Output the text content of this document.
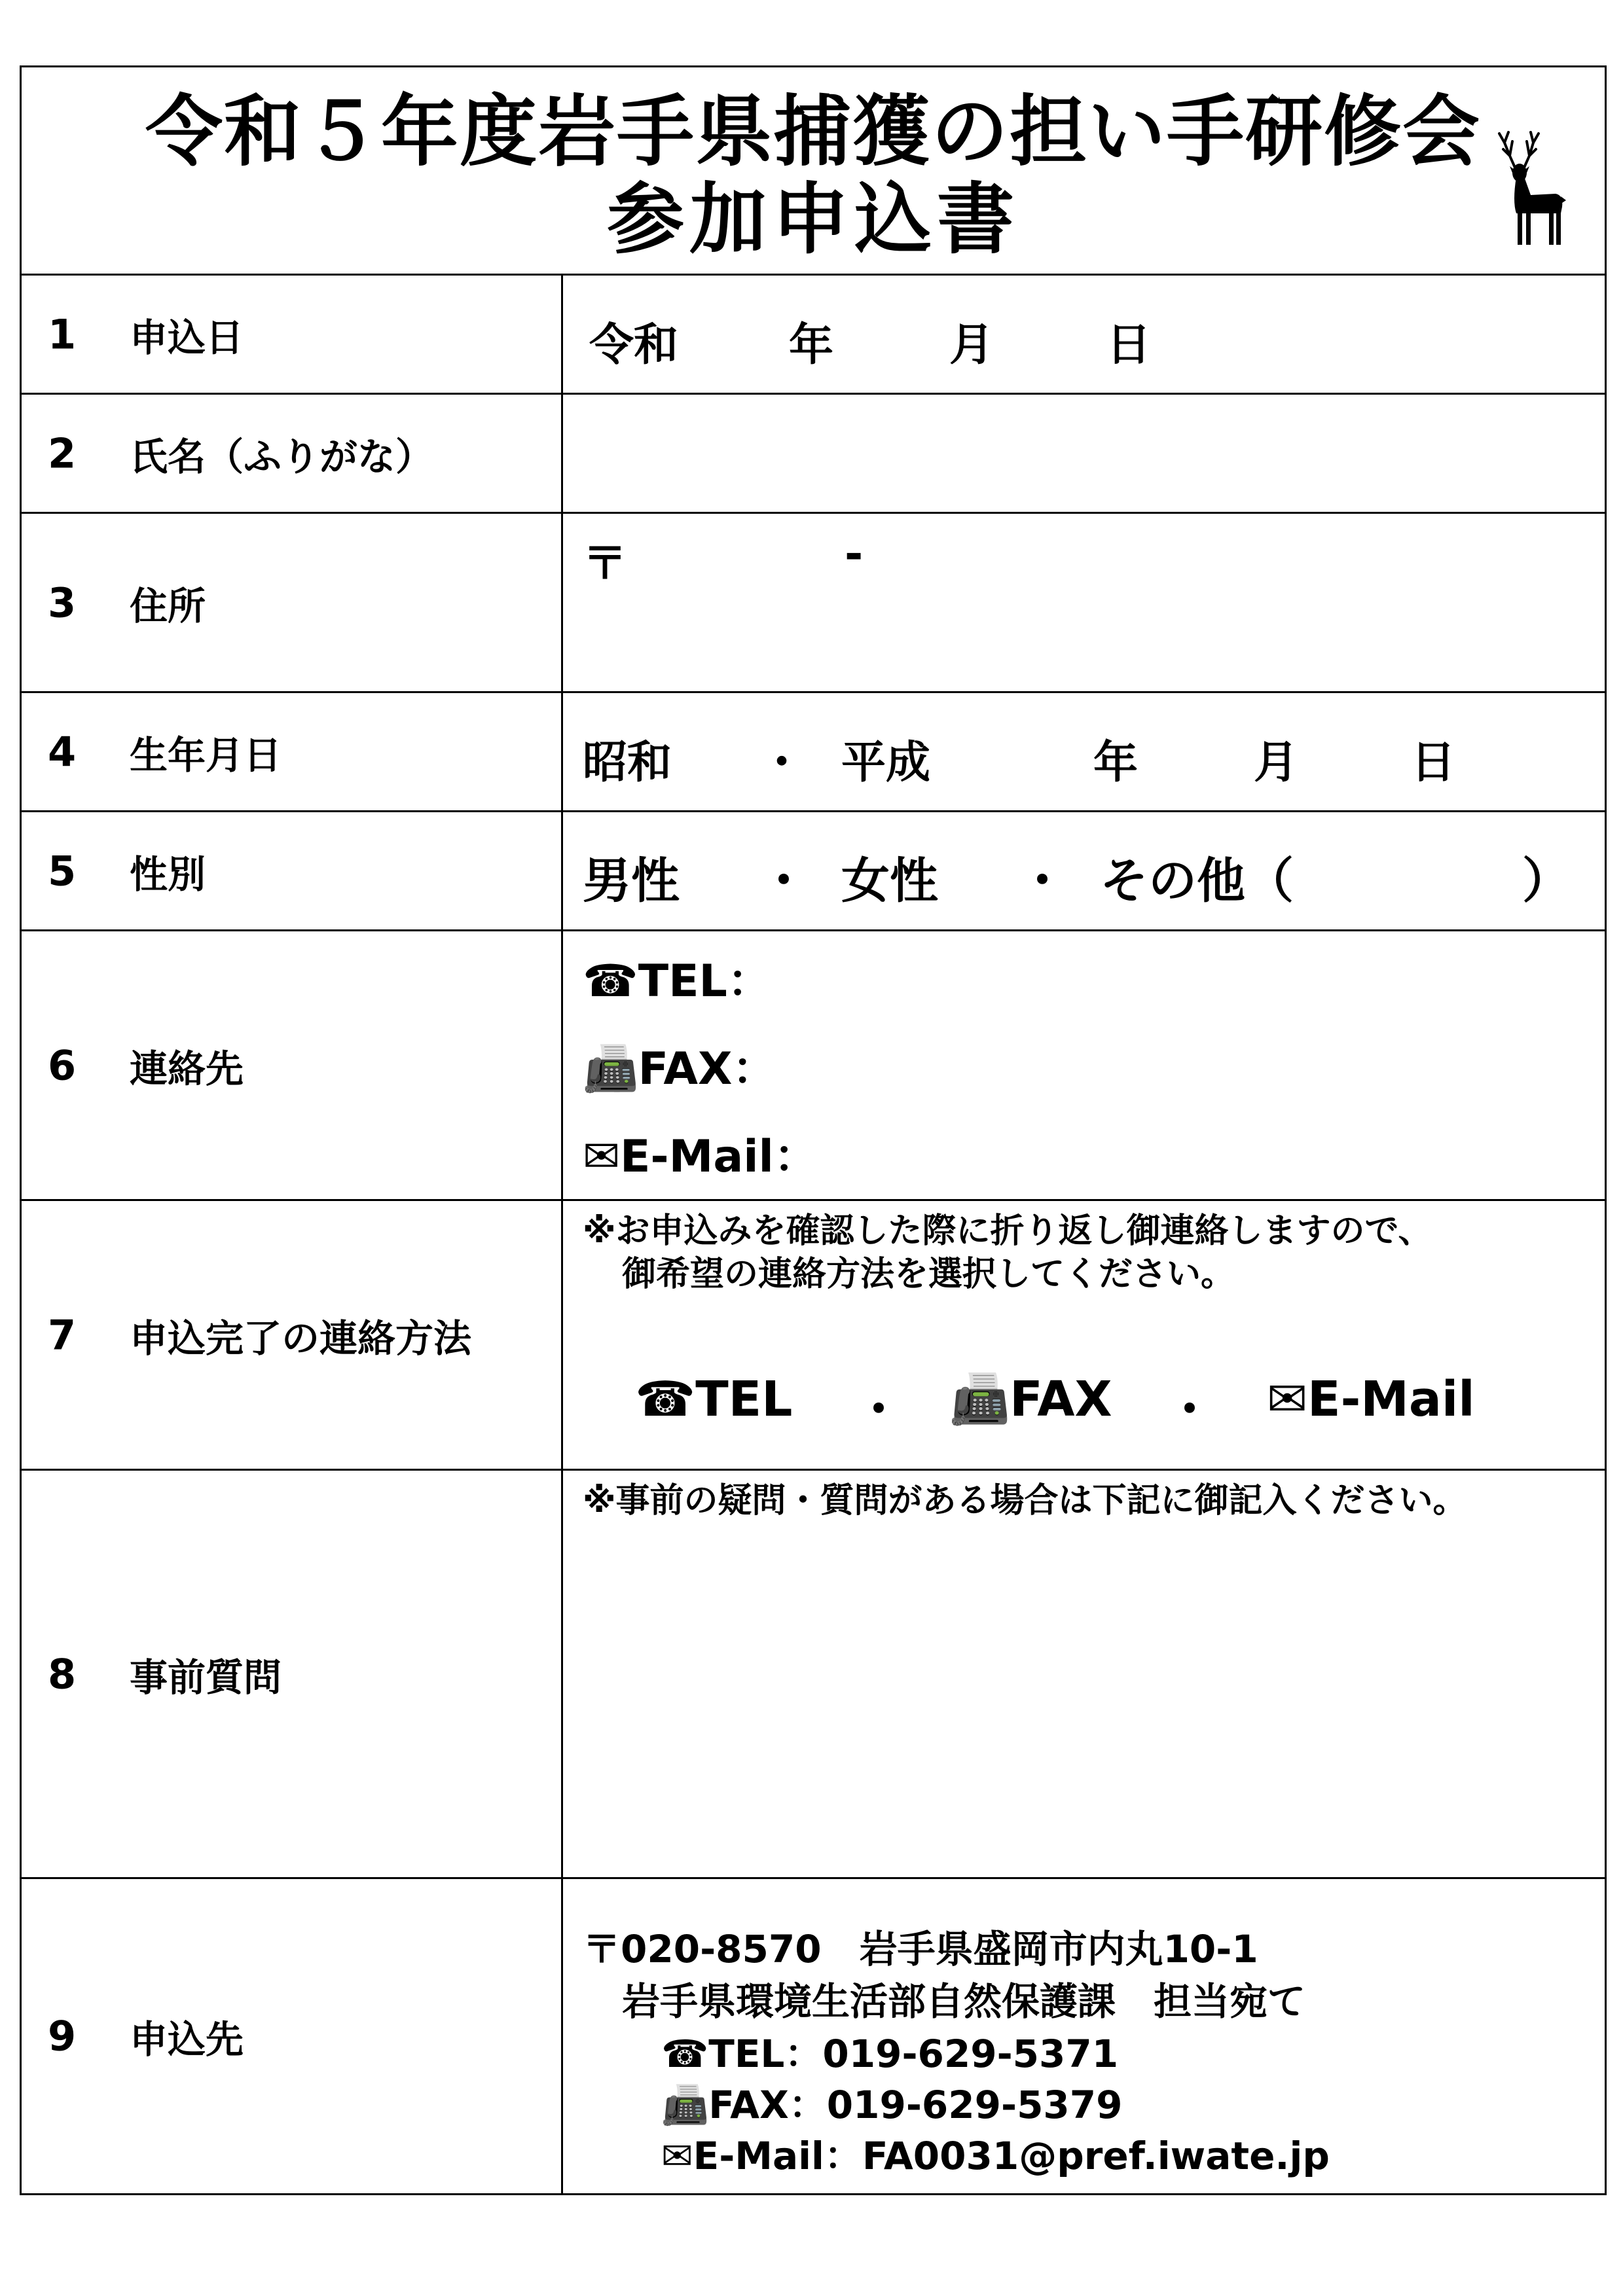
令和５年度岩手県捕獲の担い手研修会
参加申込書
1 申込日	令和 年	月	日
2 氏名（ふりがな）
3 住所
〒	-
4 生年月日	昭和 ・ 平成	年	月	日
5 性別	男性 ・ 女性 ・ その他（	）
6 連絡先
☎TEL：
📠FAX：
✉E-Mail：
7 申込完了の連絡方法
※お申込みを確認した際に折り返し御連絡しますので、
御希望の連絡方法を選択してください。
☎TEL ・ 📠FAX ・ ✉E-Mail
8 事前質問
※事前の疑問・質問がある場合は下記に御記入ください。
9 申込先
〒020-8570　岩手県盛岡市内丸10-1
岩手県環境生活部自然保護課　担当宛て
☎TEL：019-629-5371
📠FAX：019-629-5379
✉E-Mail：FA0031@pref.iwate.jp
